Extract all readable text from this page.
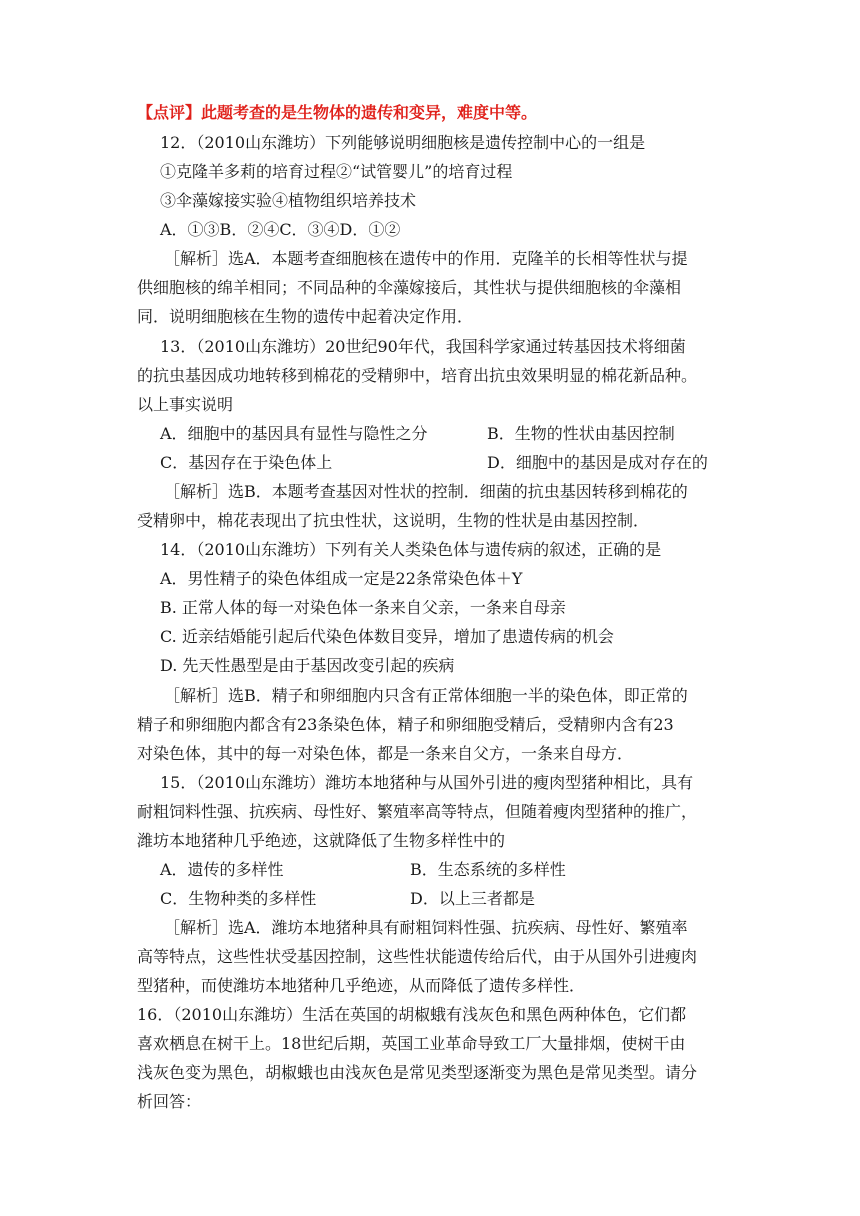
【点评】此题考查的是生物体的遗传和变异，难度中等。
12．（2010山东潍坊）下列能够说明细胞核是遗传控制中心的一组是
①克隆羊多莉的培育过程②“试管婴儿”的培育过程
③伞藻嫁接实验④植物组织培养技术
A．①③B．②④C．③④D．①②
［解析］选A．本题考查细胞核在遗传中的作用．克隆羊的长相等性状与提
供细胞核的绵羊相同；不同品种的伞藻嫁接后，其性状与提供细胞核的伞藻相
同．说明细胞核在生物的遗传中起着决定作用．
13．（2010山东潍坊）20世纪90年代，我国科学家通过转基因技术将细菌
的抗虫基因成功地转移到棉花的受精卵中，培育出抗虫效果明显的棉花新品种。
以上事实说明
A．细胞中的基因具有显性与隐性之分	B．生物的性状由基因控制
C．基因存在于染色体上	D．细胞中的基因是成对存在的
［解析］选B．本题考查基因对性状的控制．细菌的抗虫基因转移到棉花的
受精卵中，棉花表现出了抗虫性状，这说明，生物的性状是由基因控制．
14．（2010山东潍坊）下列有关人类染色体与遗传病的叙述，正确的是
A．男性精子的染色体组成一定是22条常染色体＋Y
B. 正常人体的每一对染色体一条来自父亲，一条来自母亲
C. 近亲结婚能引起后代染色体数目变异，增加了患遗传病的机会
D. 先天性愚型是由于基因改变引起的疾病
［解析］选B．精子和卵细胞内只含有正常体细胞一半的染色体，即正常的
精子和卵细胞内都含有23条染色体，精子和卵细胞受精后，受精卵内含有23
对染色体，其中的每一对染色体，都是一条来自父方，一条来自母方．
15．（2010山东潍坊）潍坊本地猪种与从国外引进的瘦肉型猪种相比，具有
耐粗饲料性强、抗疾病、母性好、繁殖率高等特点，但随着瘦肉型猪种的推广，
潍坊本地猪种几乎绝迹，这就降低了生物多样性中的
A．遗传的多样性	B．生态系统的多样性
C．生物种类的多样性	D．以上三者都是
［解析］选A．潍坊本地猪种具有耐粗饲料性强、抗疾病、母性好、繁殖率
高等特点，这些性状受基因控制，这些性状能遗传给后代，由于从国外引进瘦肉
型猪种，而使潍坊本地猪种几乎绝迹，从而降低了遗传多样性．
16．（2010山东潍坊）生活在英国的胡椒蛾有浅灰色和黑色两种体色，它们都
喜欢栖息在树干上。18世纪后期，英国工业革命导致工厂大量排烟，使树干由
浅灰色变为黑色，胡椒蛾也由浅灰色是常见类型逐渐变为黑色是常见类型。请分
析回答：
